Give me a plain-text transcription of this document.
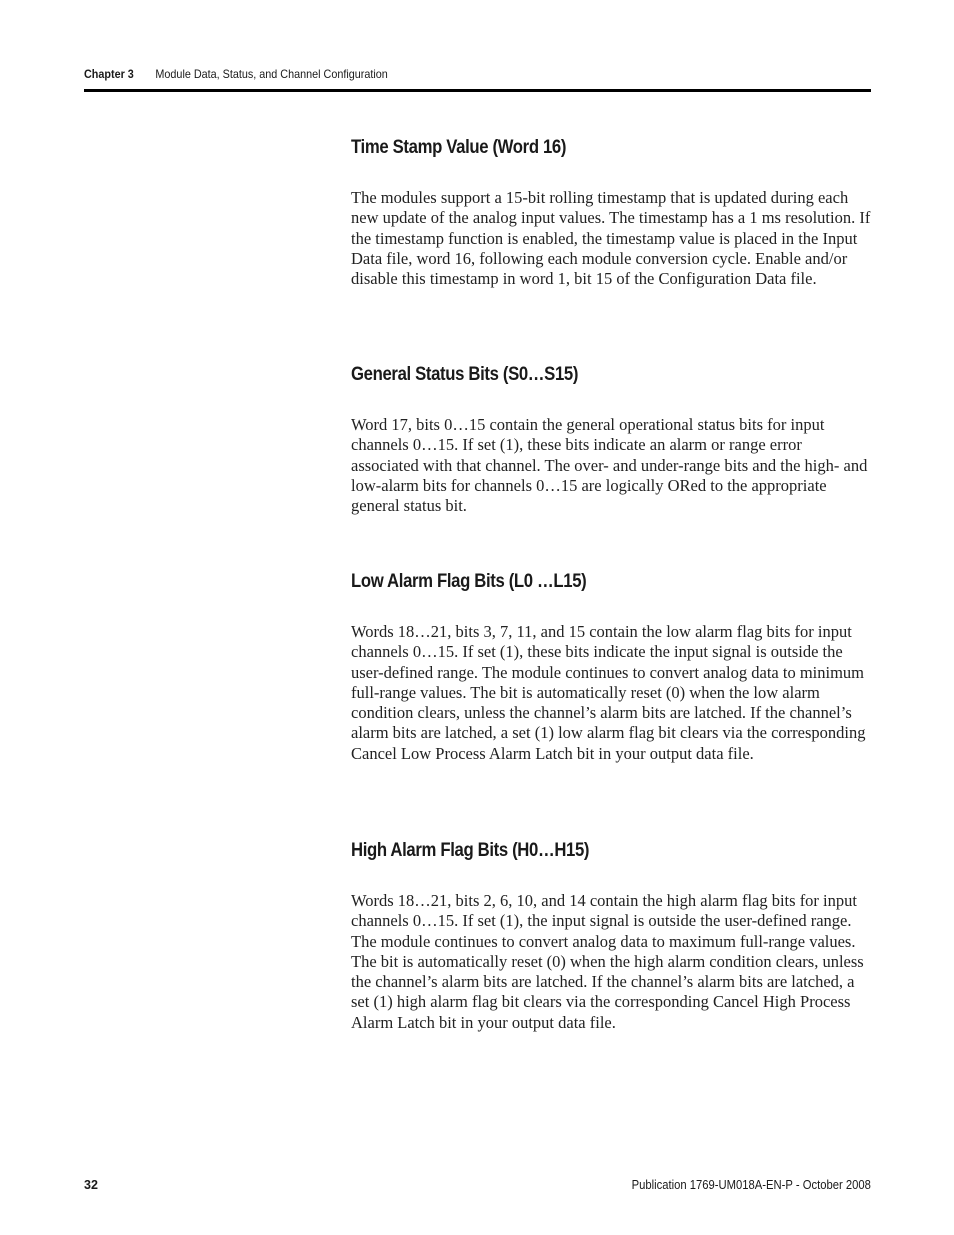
Chapter 3 Module Data, Status, and Channel Configuration
Time Stamp Value (Word 16)

The modules support a 15-bit rolling timestamp that is updated during each new update of the analog input values. The timestamp has a 1 ms resolution. If the timestamp function is enabled, the timestamp value is placed in the Input Data file, word 16, following each module conversion cycle. Enable and/or disable this timestamp in word 1, bit 15 of the Configuration Data file.

General Status Bits (S0…S15)

Word 17, bits 0…15 contain the general operational status bits for input channels 0…15. If set (1), these bits indicate an alarm or range error associated with that channel. The over- and under-range bits and the high- and low-alarm bits for channels 0…15 are logically ORed to the appropriate general status bit.

Low Alarm Flag Bits (L0 …L15)

Words 18…21, bits 3, 7, 11, and 15 contain the low alarm flag bits for input channels 0…15. If set (1), these bits indicate the input signal is outside the user-defined range. The module continues to convert analog data to minimum full-range values. The bit is automatically reset (0) when the low alarm condition clears, unless the channel’s alarm bits are latched. If the channel’s alarm bits are latched, a set (1) low alarm flag bit clears via the corresponding Cancel Low Process Alarm Latch bit in your output data file.

High Alarm Flag Bits (H0…H15)

Words 18…21, bits 2, 6, 10, and 14 contain the high alarm flag bits for input channels 0…15. If set (1), the input signal is outside the user-defined range. The module continues to convert analog data to maximum full-range values. The bit is automatically reset (0) when the high alarm condition clears, unless the channel’s alarm bits are latched. If the channel’s alarm bits are latched, a set (1) high alarm flag bit clears via the corresponding Cancel High Process Alarm Latch bit in your output data file.

32	Publication 1769-UM018A-EN-P - October 2008
